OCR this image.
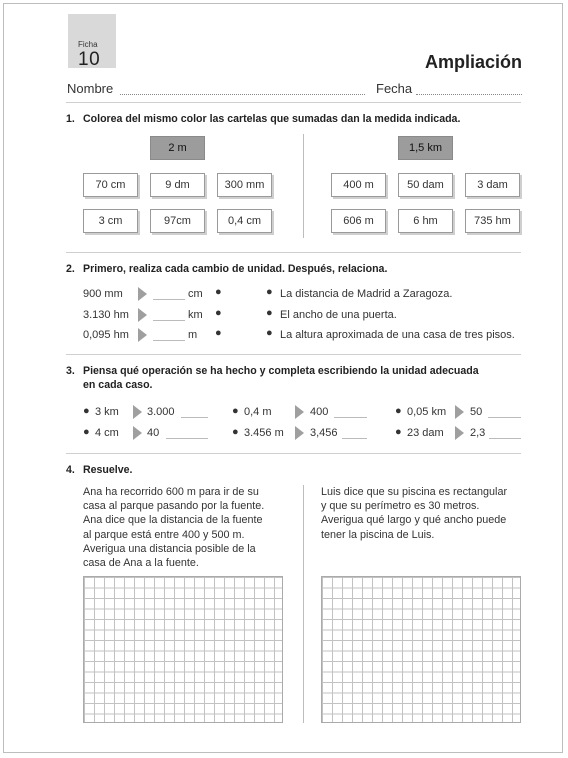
Ficha
10	Ampliación
Nombre	Fecha
1. Colorea del mismo color las cartelas que sumadas dan la medida indicada.
2 m
70 cm	9 dm	300 mm
3 cm	97cm	0,4 cm
1,5 km
400 m	50 dam	3 dam
606 m	6 hm	735 hm
2. Primero, realiza cada cambio de unidad. Después, relaciona.
900 mm	cm ●	● La distancia de Madrid a Zaragoza.
3.130 hm	km ●	● El ancho de una puerta.
0,095 hm	m ●	● La altura aproximada de una casa de tres pisos.
3. Piensa qué operación se ha hecho y completa escribiendo la unidad adecuada
en cada caso.
● 3 km	3.000	● 0,4 m	400	● 0,05 km 50
● 4 cm	40	● 3.456 m 3,456	● 23 dam 2,3
4. Resuelve.
Ana ha recorrido 600 m para ir de su
casa al parque pasando por la fuente.
Ana dice que la distancia de la fuente
al parque está entre 400 y 500 m.
Averigua una distancia posible de la
casa de Ana a la fuente.
Luis dice que su piscina es rectangular
y que su perímetro es 30 metros.
Averigua qué largo y qué ancho puede
tener la piscina de Luis.
